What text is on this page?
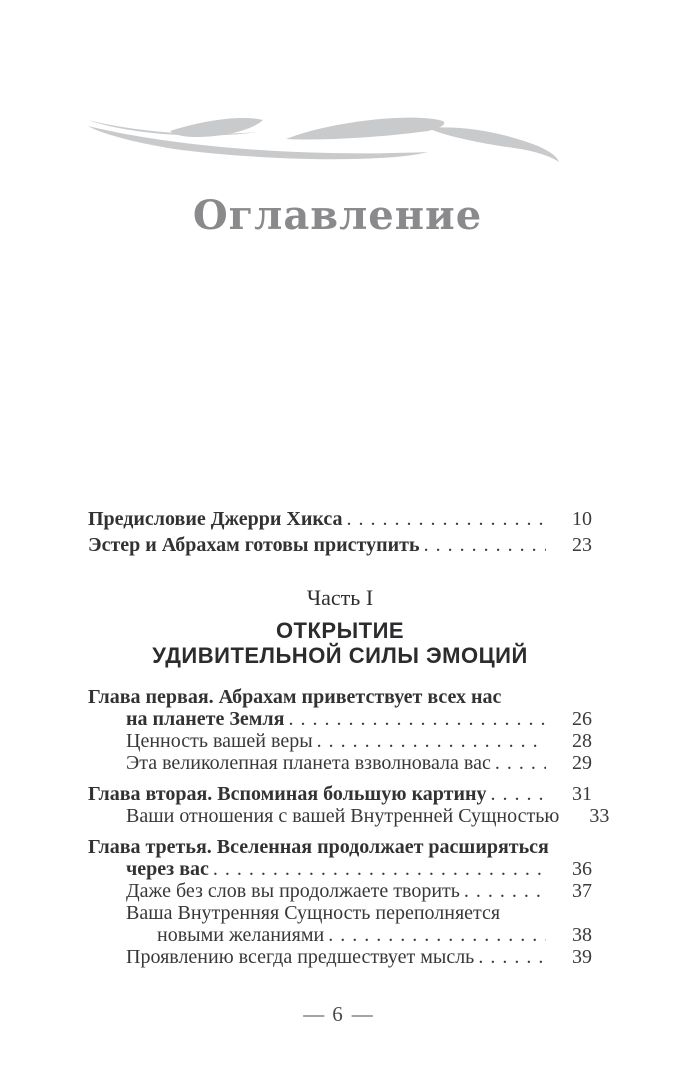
Оглавление
Предисловие Джерри Хикса . . .	10
Эстер и Абрахам готовы приступить . . .	23
Часть I
ОТКРЫТИЕ
УДИВИТЕЛЬНОЙ СИЛЫ ЭМОЦИЙ
Глава первая. Абрахам приветствует всех нас
на планете Земля . . .	26
Ценность вашей веры . . .	28
Эта великолепная планета взволновала вас . . .	29
Глава вторая. Вспоминая большую картину . . .	31
Ваши отношения с вашей Внутренней Сущностью	33
Глава третья. Вселенная продолжает расширяться
через вас . . .	36
Даже без слов вы продолжаете творить . . .	37
Ваша Внутренняя Сущность переполняется
новыми желаниями . . .	38
Проявлению всегда предшествует мысль . . .	39
— 6 —
